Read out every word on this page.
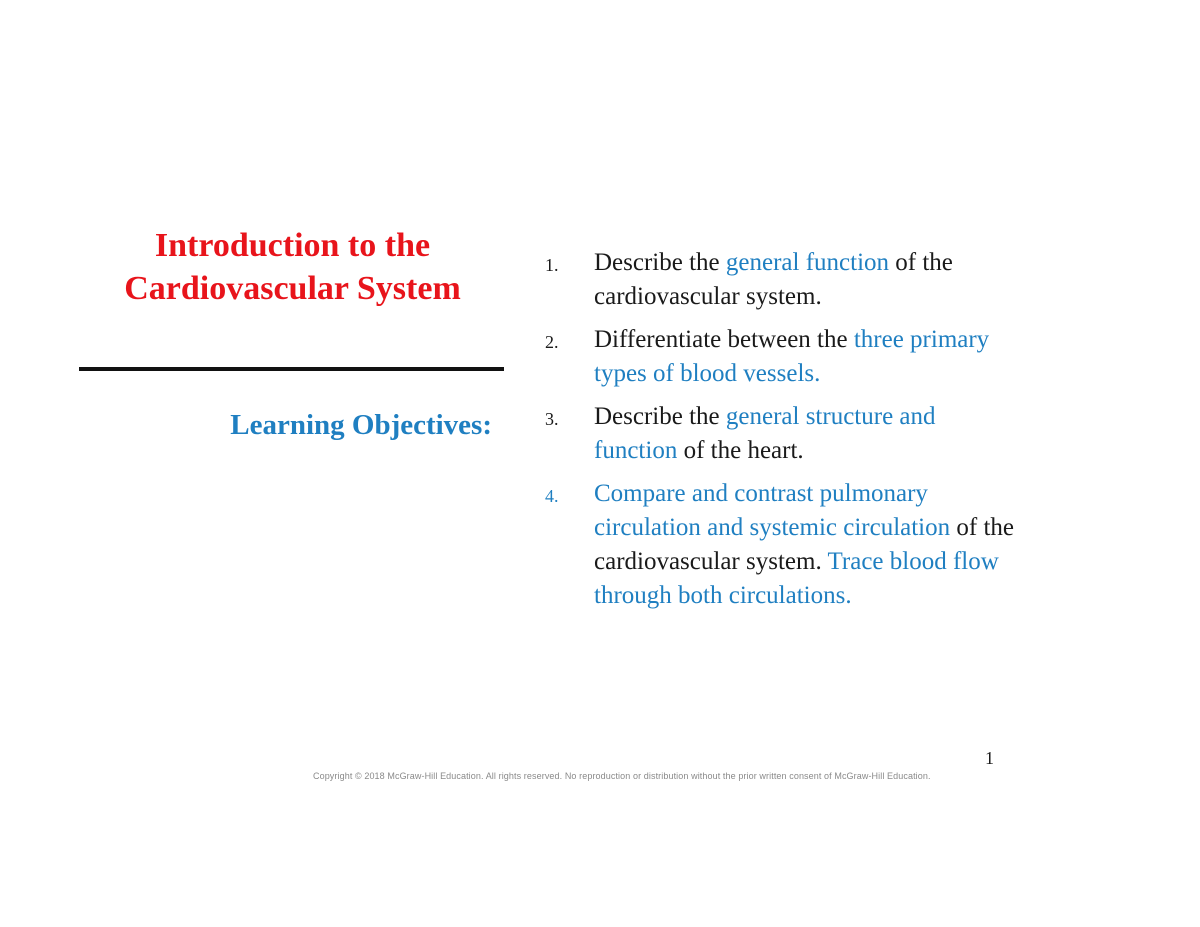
Introduction to the
Cardiovascular System
Learning Objectives:
1. Describe the general function of the cardiovascular system.
2. Differentiate between the three primary types of blood vessels.
3. Describe the general structure and function of the heart.
4. Compare and contrast pulmonary circulation and systemic circulation of the cardiovascular system. Trace blood flow through both circulations.
1
Copyright © 2018 McGraw-Hill Education. All rights reserved. No reproduction or distribution without the prior written consent of McGraw-Hill Education.
